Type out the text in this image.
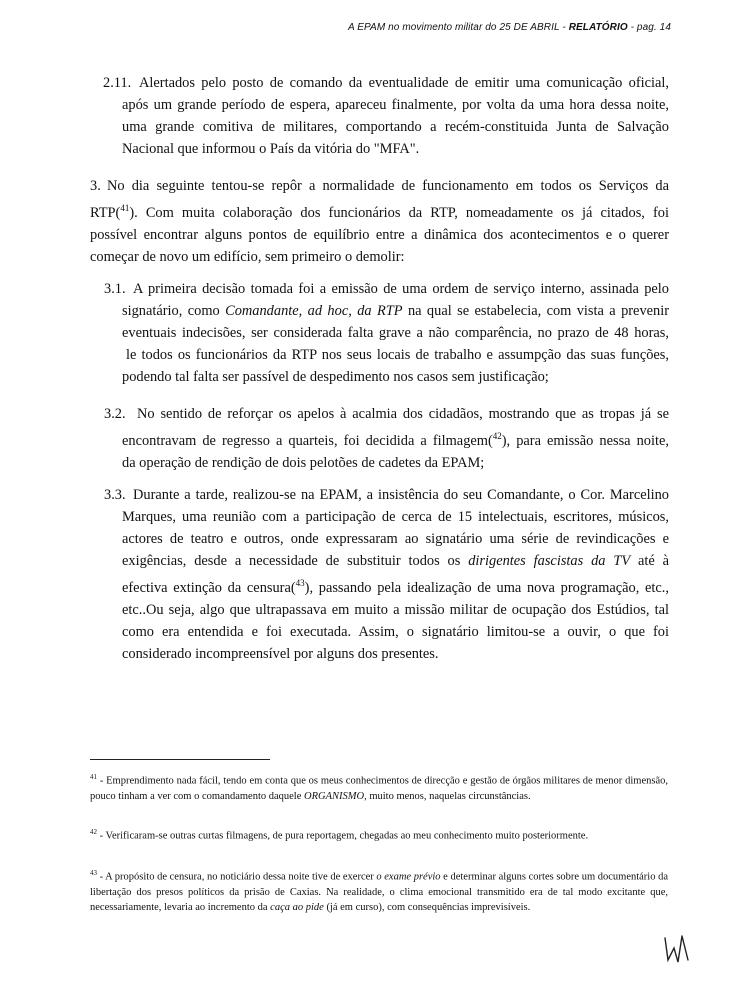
A EPAM no movimento militar do 25 DE ABRIL - RELATÓRIO - pag. 14
2.11. Alertados pelo posto de comando da eventualidade de emitir uma comunicação oficial,
após um grande período de espera, apareceu finalmente, por volta da uma hora dessa noite,
uma grande comitiva de militares, comportando a recém-constituida Junta de Salvação
Nacional que informou o País da vitória do "MFA".
3. No dia seguinte tentou-se repôr a normalidade de funcionamento em todos os Serviços da
RTP($^{41}$). Com muita colaboração dos funcionários da RTP, nomeadamente os já citados, foi
possível encontrar alguns pontos de equilíbrio entre a dinâmica dos acontecimentos e o querer
começar de novo um edifício, sem primeiro o demolir:
3.1. A primeira decisão tomada foi a emissão de uma ordem de serviço interno, assinada pelo
signatário, como Comandante, ad hoc, da RTP na qual se estabelecia, com vista a prevenir
eventuais indecisões, ser considerada falta grave a não comparência, no prazo de 48 horas,
le todos os funcionários da RTP nos seus locais de trabalho e assumpção das suas funções,
podendo tal falta ser passível de despedimento nos casos sem justificação;
3.2. No sentido de reforçar os apelos à acalmia dos cidadãos, mostrando que as tropas já se
encontravam de regresso a quarteis, foi decidida a filmagem($^{42}$), para emissão nessa noite,
da operação de rendição de dois pelotões de cadetes da EPAM;
3.3. Durante a tarde, realizou-se na EPAM, a insistência do seu Comandante, o Cor. Marcelino
Marques, uma reunião com a participação de cerca de 15 intelectuais, escritores, músicos,
actores de teatro e outros, onde expressaram ao signatário uma série de revindicações e
exigências, desde a necessidade de substituir todos os dirigentes fascistas da TV até à
efectiva extinção da censura($^{43}$), passando pela idealização de uma nova programação, etc.,
etc..Ou seja, algo que ultrapassava em muito a missão militar de ocupação dos Estúdios, tal
como era entendida e foi executada. Assim, o signatário limitou-se a ouvir, o que foi
considerado incompreensível por alguns dos presentes.
$^{41}$ - Emprendimento nada fácil, tendo em conta que os meus conhecimentos de direcção e gestão de órgãos militares de menor dimensão, pouco tinham a ver com o comandamento daquele ORGANISMO, muito menos, naquelas circunstâncias.
$^{42}$ - Verificaram-se outras curtas filmagens, de pura reportagem, chegadas ao meu conhecimento muito posteriormente.
$^{43}$ - A propósito de censura, no noticiário dessa noite tive de exercer o exame prévio e determinar alguns cortes sobre um documentário da libertação dos presos políticos da prisão de Caxias. Na realidade, o clima emocional transmitido era de tal modo excitante que, necessariamente, levaria ao incremento da caça ao pide (já em curso), com consequências imprevisíveis.
